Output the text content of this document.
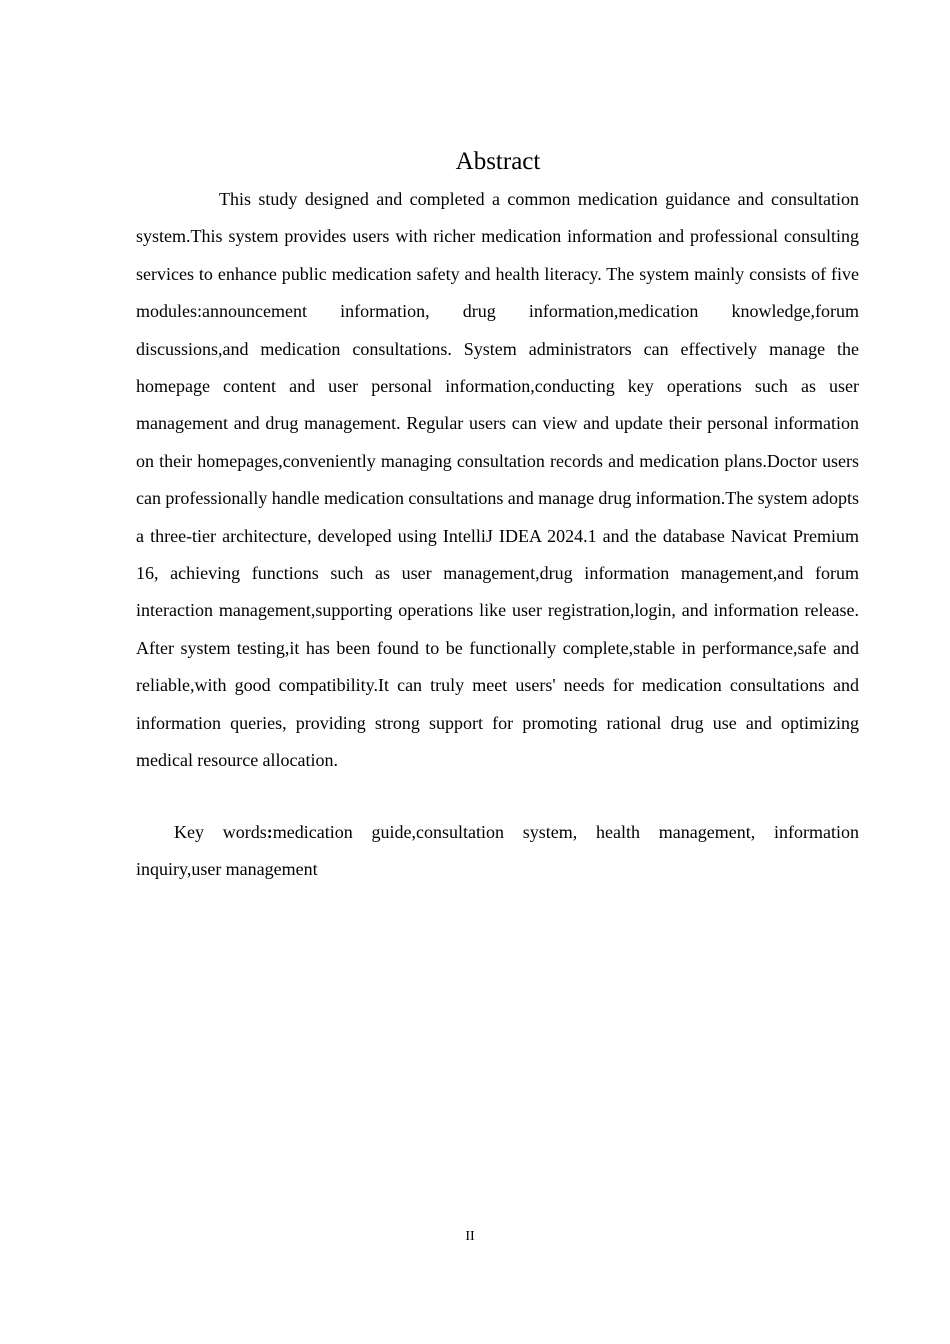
Abstract

This study designed and completed a common medication guidance and consultation system.This system provides users with richer medication information and professional consulting services to enhance public medication safety and health literacy. The system mainly consists of five modules:announcement information, drug information,medication knowledge,forum discussions,and medication consultations. System administrators can effectively manage the homepage content and user personal information,conducting key operations such as user management and drug management. Regular users can view and update their personal information on their homepages,conveniently managing consultation records and medication plans.Doctor users can professionally handle medication consultations and manage drug information.The system adopts a three-tier architecture, developed using IntelliJ IDEA 2024.1 and the database Navicat Premium 16, achieving functions such as user management,drug information management,and forum interaction management,supporting operations like user registration,login, and information release. After system testing,it has been found to be functionally complete,stable in performance,safe and reliable,with good compatibility.It can truly meet users' needs for medication consultations and information queries, providing strong support for promoting rational drug use and optimizing medical resource allocation.

Key words:medication guide,consultation system, health management, information inquiry,user management

II
